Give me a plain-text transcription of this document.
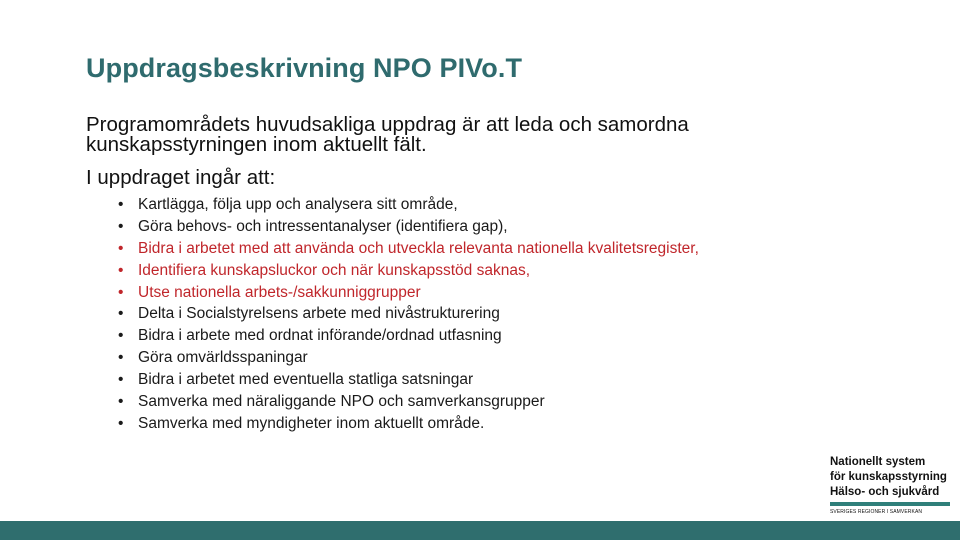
Uppdragsbeskrivning NPO PIVo.T
Programområdets huvudsakliga uppdrag är att leda och samordna kunskapsstyrningen inom aktuellt fält.
I uppdraget ingår att:
• Kartlägga, följa upp och analysera sitt område,
• Göra behovs- och intressentanalyser (identifiera gap),
• Bidra i arbetet med att använda och utveckla relevanta nationella kvalitetsregister,
• Identifiera kunskapsluckor och när kunskapsstöd saknas,
• Utse nationella arbets-/sakkunniggrupper
• Delta i Socialstyrelsens arbete med nivåstrukturering
• Bidra i arbete med ordnat införande/ordnad utfasning
• Göra omvärldsspaningar
• Bidra i arbetet med eventuella statliga satsningar
• Samverka med näraliggande NPO och samverkansgrupper
• Samverka med myndigheter inom aktuellt område.
Nationellt system
för kunskapsstyrning
Hälso- och sjukvård
SVERIGES REGIONER I SAMVERKAN
